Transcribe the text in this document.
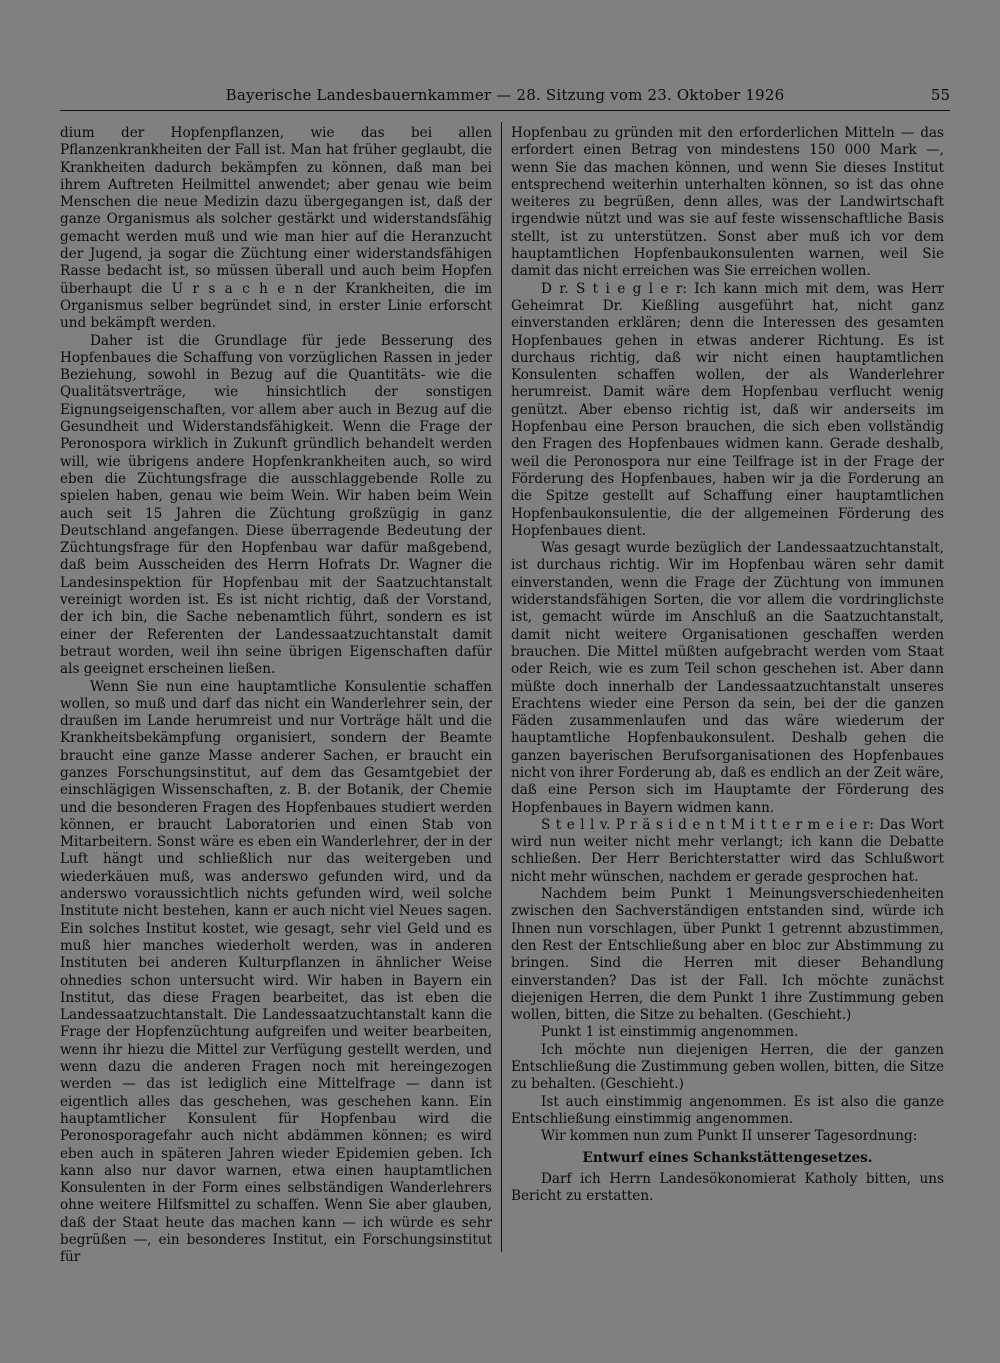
Bayerische Landesbauernkammer — 28. Sitzung vom 23. Oktober 1926	55

dium der Hopfenpflanzen, wie das bei allen Pflanzenkrankheiten der Fall ist. Man hat früher geglaubt, die Krankheiten dadurch bekämpfen zu können, daß man bei ihrem Auftreten Heilmittel anwendet; aber genau wie beim Menschen die neue Medizin dazu übergegangen ist, daß der ganze Organismus als solcher gestärkt und widerstandsfähig gemacht werden muß und wie man hier auf die Heranzucht der Jugend, ja sogar die Züchtung einer widerstandsfähigen Rasse bedacht ist, so müssen überall und auch beim Hopfen überhaupt die U r s a c h e n der Krankheiten, die im Organismus selber begründet sind, in erster Linie erforscht und bekämpft werden.

Daher ist die Grundlage für jede Besserung des Hopfenbaues die Schaffung von vorzüglichen Rassen in jeder Beziehung, sowohl in Bezug auf die Quantitäts- wie die Qualitätsverträge, wie hinsichtlich der sonstigen Eignungseigenschaften, vor allem aber auch in Bezug auf die Gesundheit und Widerstandsfähigkeit. Wenn die Frage der Peronospora wirklich in Zukunft gründlich behandelt werden will, wie übrigens andere Hopfenkrankheiten auch, so wird eben die Züchtungsfrage die ausschlaggebende Rolle zu spielen haben, genau wie beim Wein. Wir haben beim Wein auch seit 15 Jahren die Züchtung großzügig in ganz Deutschland angefangen. Diese überragende Bedeutung der Züchtungsfrage für den Hopfenbau war dafür maßgebend, daß beim Ausscheiden des Herrn Hofrats Dr. Wagner die Landesinspektion für Hopfenbau mit der Saatzuchtanstalt vereinigt worden ist. Es ist nicht richtig, daß der Vorstand, der ich bin, die Sache nebenamtlich führt, sondern es ist einer der Referenten der Landessaatzuchtanstalt damit betraut worden, weil ihn seine übrigen Eigenschaften dafür als geeignet erscheinen ließen.

Wenn Sie nun eine hauptamtliche Konsulentie schaffen wollen, so muß und darf das nicht ein Wanderlehrer sein, der draußen im Lande herumreist und nur Vorträge hält und die Krankheitsbekämpfung organisiert, sondern der Beamte braucht eine ganze Masse anderer Sachen, er braucht ein ganzes Forschungsinstitut, auf dem das Gesamtgebiet der einschlägigen Wissenschaften, z. B. der Botanik, der Chemie und die besonderen Fragen des Hopfenbaues studiert werden können, er braucht Laboratorien und einen Stab von Mitarbeitern. Sonst wäre es eben ein Wanderlehrer, der in der Luft hängt und schließlich nur das weitergeben und wiederkäuen muß, was anderswo gefunden wird, und da anderswo voraussichtlich nichts gefunden wird, weil solche Institute nicht bestehen, kann er auch nicht viel Neues sagen. Ein solches Institut kostet, wie gesagt, sehr viel Geld und es muß hier manches wiederholt werden, was in anderen Instituten bei anderen Kulturpflanzen in ähnlicher Weise ohnedies schon untersucht wird. Wir haben in Bayern ein Institut, das diese Fragen bearbeitet, das ist eben die Landessaatzuchtanstalt. Die Landessaatzuchtanstalt kann die Frage der Hopfenzüchtung aufgreifen und weiter bearbeiten, wenn ihr hiezu die Mittel zur Verfügung gestellt werden, und wenn dazu die anderen Fragen noch mit hereingezogen werden — das ist lediglich eine Mittelfrage — dann ist eigentlich alles das geschehen, was geschehen kann. Ein hauptamtlicher Konsulent für Hopfenbau wird die Peronosporagefahr auch nicht abdämmen können; es wird eben auch in späteren Jahren wieder Epidemien geben. Ich kann also nur davor warnen, etwa einen hauptamtlichen Konsulenten in der Form eines selbständigen Wanderlehrers ohne weitere Hilfsmittel zu schaffen. Wenn Sie aber glauben, daß der Staat heute das machen kann — ich würde es sehr begrüßen —, ein besonderes Institut, ein Forschungsinstitut für

Hopfenbau zu gründen mit den erforderlichen Mitteln — das erfordert einen Betrag von mindestens 150 000 Mark —, wenn Sie das machen können, und wenn Sie dieses Institut entsprechend weiterhin unterhalten können, so ist das ohne weiteres zu begrüßen, denn alles, was der Landwirtschaft irgendwie nützt und was sie auf feste wissenschaftliche Basis stellt, ist zu unterstützen. Sonst aber muß ich vor dem hauptamtlichen Hopfenbaukonsulenten warnen, weil Sie damit das nicht erreichen was Sie erreichen wollen.

D r. S t i e g l e r: Ich kann mich mit dem, was Herr Geheimrat Dr. Kießling ausgeführt hat, nicht ganz einverstanden erklären; denn die Interessen des gesamten Hopfenbaues gehen in etwas anderer Richtung. Es ist durchaus richtig, daß wir nicht einen hauptamtlichen Konsulenten schaffen wollen, der als Wanderlehrer herumreist. Damit wäre dem Hopfenbau verflucht wenig genützt. Aber ebenso richtig ist, daß wir anderseits im Hopfenbau eine Person brauchen, die sich eben vollständig den Fragen des Hopfenbaues widmen kann. Gerade deshalb, weil die Peronospora nur eine Teilfrage ist in der Frage der Förderung des Hopfenbaues, haben wir ja die Forderung an die Spitze gestellt auf Schaffung einer hauptamtlichen Hopfenbaukonsulentie, die der allgemeinen Förderung des Hopfenbaues dient.

Was gesagt wurde bezüglich der Landessaatzuchtanstalt, ist durchaus richtig. Wir im Hopfenbau wären sehr damit einverstanden, wenn die Frage der Züchtung von immunen widerstandsfähigen Sorten, die vor allem die vordringlichste ist, gemacht würde im Anschluß an die Saatzuchtanstalt, damit nicht weitere Organisationen geschaffen werden brauchen. Die Mittel müßten aufgebracht werden vom Staat oder Reich, wie es zum Teil schon geschehen ist. Aber dann müßte doch innerhalb der Landessaatzuchtanstalt unseres Erachtens wieder eine Person da sein, bei der die ganzen Fäden zusammenlaufen und das wäre wiederum der hauptamtliche Hopfenbaukonsulent. Deshalb gehen die ganzen bayerischen Berufsorganisationen des Hopfenbaues nicht von ihrer Forderung ab, daß es endlich an der Zeit wäre, daß eine Person sich im Hauptamte der Förderung des Hopfenbaues in Bayern widmen kann.

S t e l l v. P r ä s i d e n t M i t t e r m e i e r: Das Wort wird nun weiter nicht mehr verlangt; ich kann die Debatte schließen. Der Herr Berichterstatter wird das Schlußwort nicht mehr wünschen, nachdem er gerade gesprochen hat.

Nachdem beim Punkt 1 Meinungsverschiedenheiten zwischen den Sachverständigen entstanden sind, würde ich Ihnen nun vorschlagen, über Punkt 1 getrennt abzustimmen, den Rest der Entschließung aber en bloc zur Abstimmung zu bringen. Sind die Herren mit dieser Behandlung einverstanden? Das ist der Fall. Ich möchte zunächst diejenigen Herren, die dem Punkt 1 ihre Zustimmung geben wollen, bitten, die Sitze zu behalten. (Geschieht.)

Punkt 1 ist einstimmig angenommen.

Ich möchte nun diejenigen Herren, die der ganzen Entschließung die Zustimmung geben wollen, bitten, die Sitze zu behalten. (Geschieht.)

Ist auch einstimmig angenommen. Es ist also die ganze Entschließung einstimmig angenommen.

Wir kommen nun zum Punkt II unserer Tagesordnung:

Entwurf eines Schankstättengesetzes.

Darf ich Herrn Landesökonomierat Katholy bitten, uns Bericht zu erstatten.
